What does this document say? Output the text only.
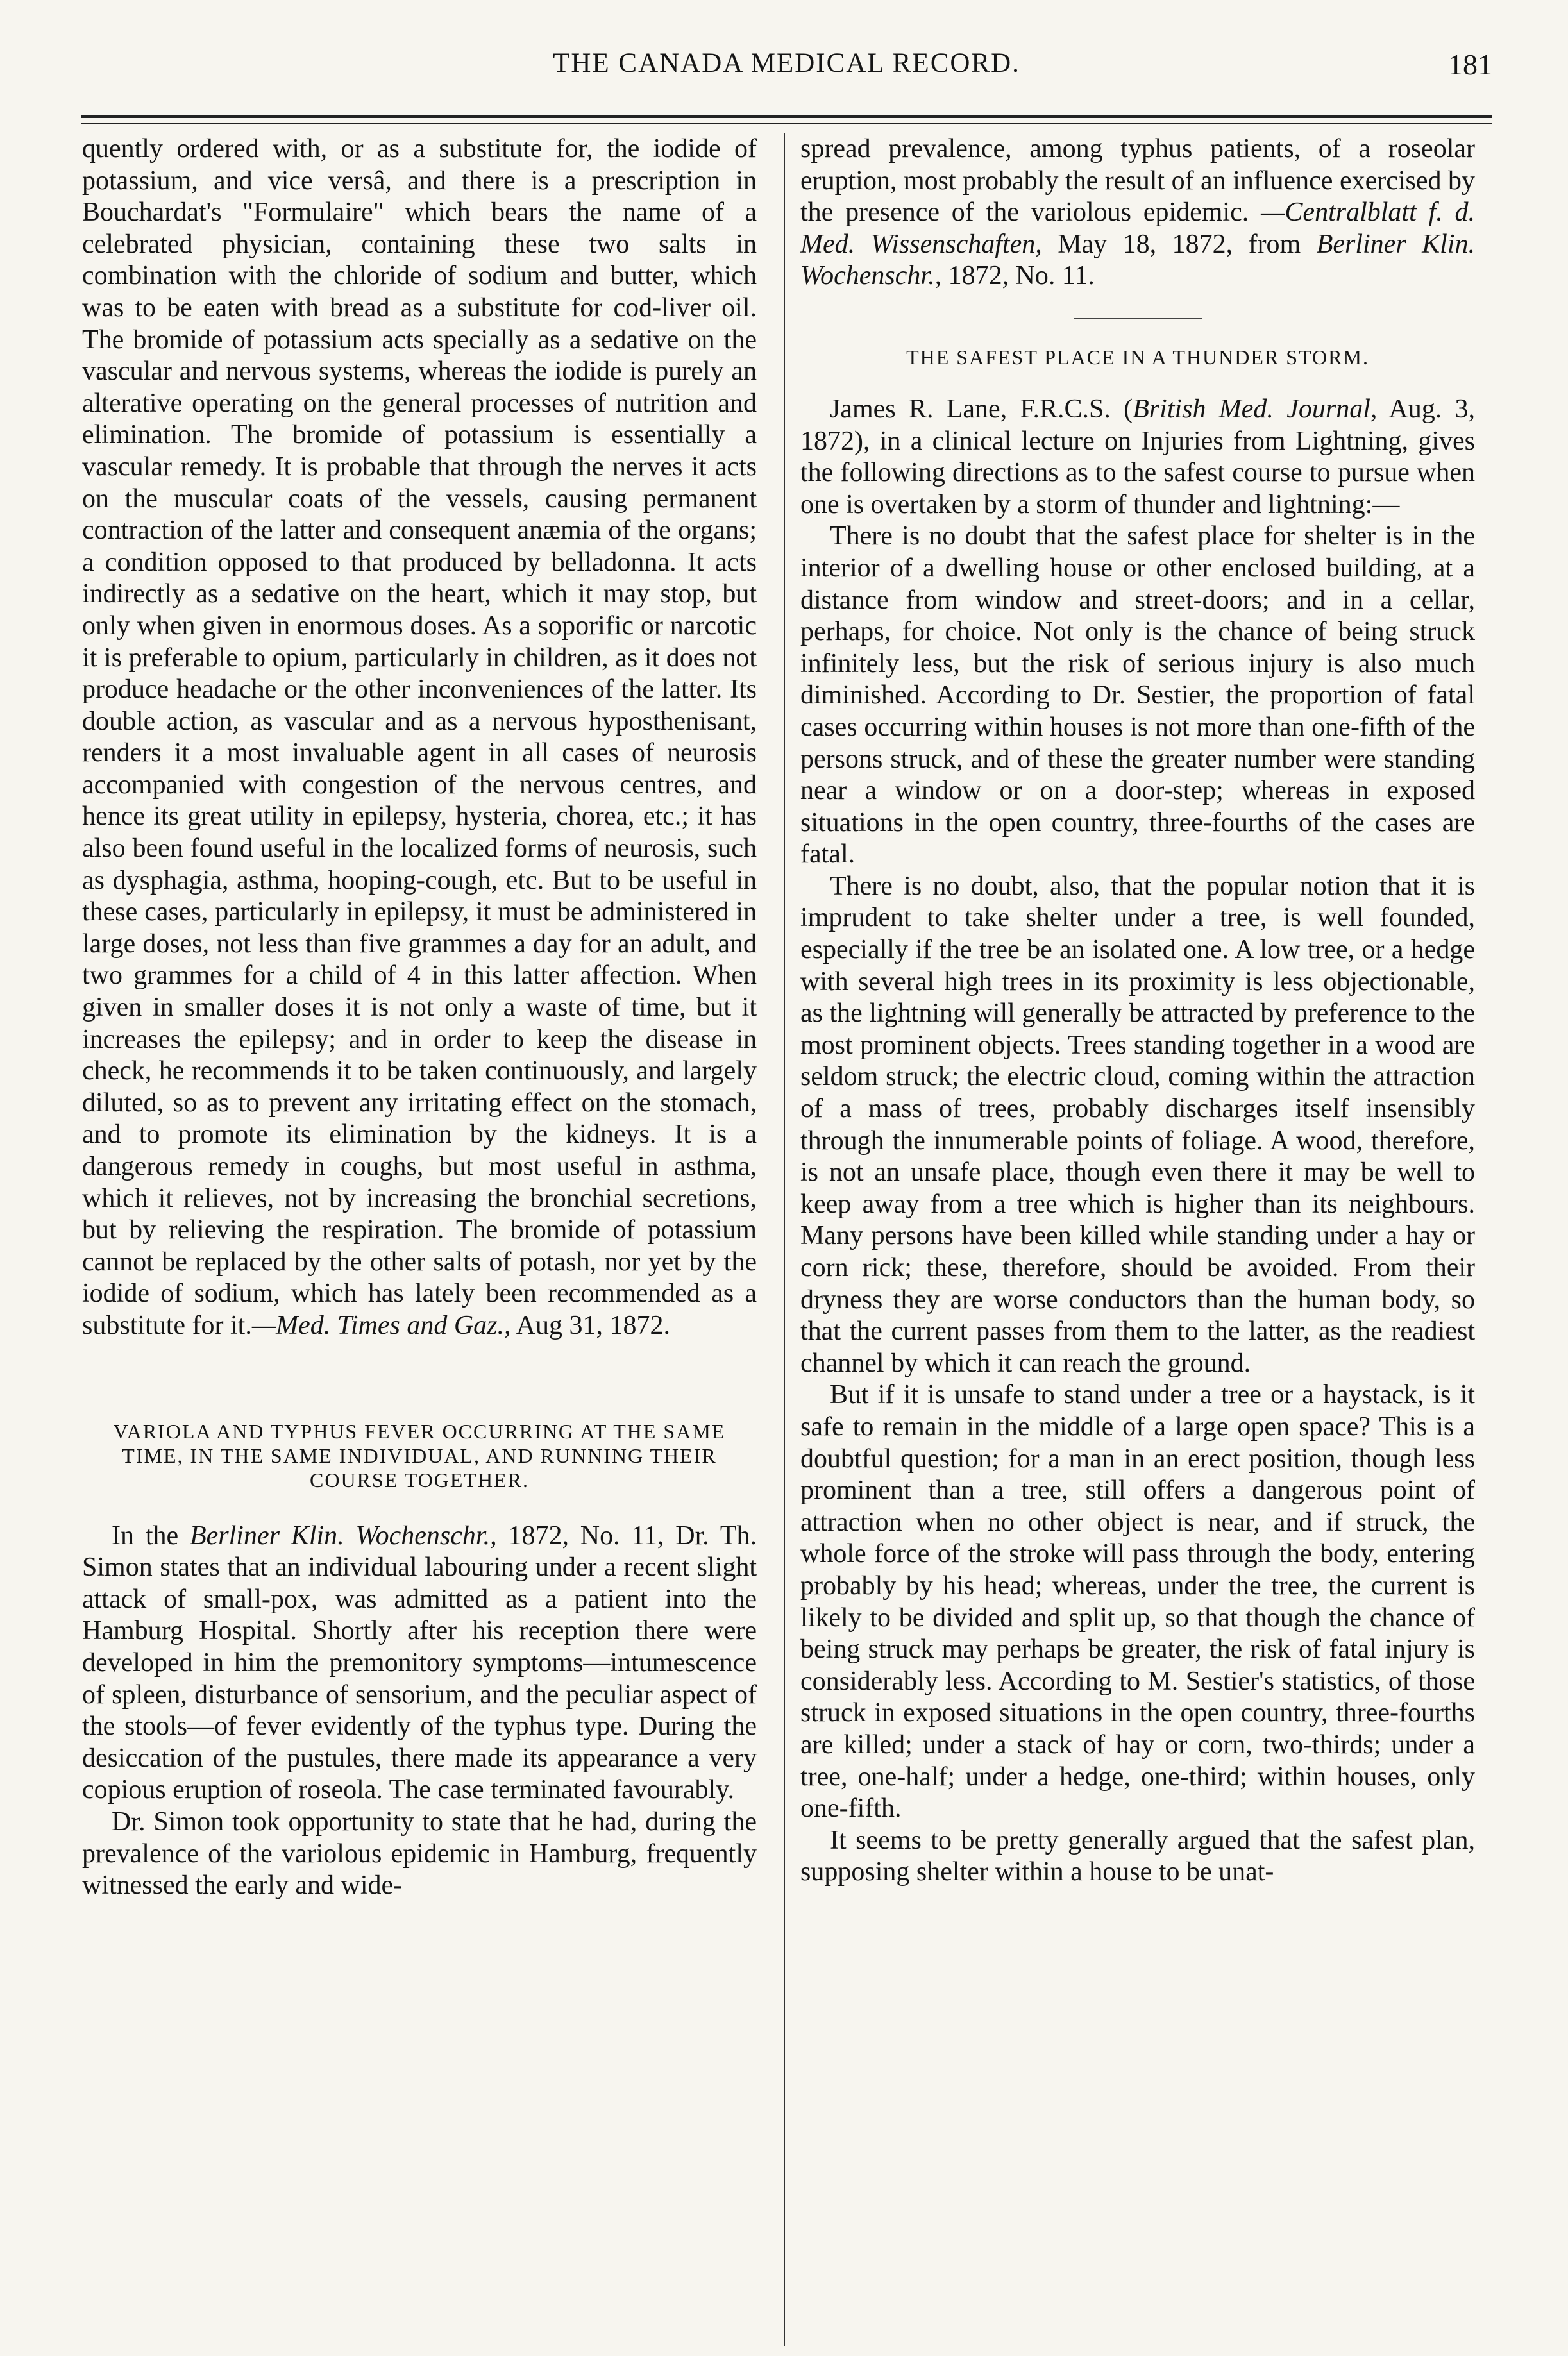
THE CANADA MEDICAL RECORD.	181

quently ordered with, or as a substitute for, the iodide of potassium, and vice versâ, and there is a prescription in Bouchardat's "Formulaire" which bears the name of a celebrated physician, containing these two salts in combination with the chloride of sodium and butter, which was to be eaten with bread as a substitute for cod-liver oil. The bromide of potassium acts specially as a sedative on the vascular and nervous systems, whereas the iodide is purely an alterative operating on the general processes of nutrition and elimination. The bromide of potassium is essentially a vascular remedy. It is probable that through the nerves it acts on the muscular coats of the vessels, causing permanent contraction of the latter and consequent anæmia of the organs; a condition opposed to that produced by belladonna. It acts indirectly as a sedative on the heart, which it may stop, but only when given in enormous doses. As a soporific or narcotic it is preferable to opium, particularly in children, as it does not produce headache or the other inconveniences of the latter. Its double action, as vascular and as a nervous hyposthenisant, renders it a most invaluable agent in all cases of neurosis accompanied with congestion of the nervous centres, and hence its great utility in epilepsy, hysteria, chorea, etc.; it has also been found useful in the localized forms of neurosis, such as dysphagia, asthma, hooping-cough, etc. But to be useful in these cases, particularly in epilepsy, it must be administered in large doses, not less than five grammes a day for an adult, and two grammes for a child of 4 in this latter affection. When given in smaller doses it is not only a waste of time, but it increases the epilepsy; and in order to keep the disease in check, he recommends it to be taken continuously, and largely diluted, so as to prevent any irritating effect on the stomach, and to promote its elimination by the kidneys. It is a dangerous remedy in coughs, but most useful in asthma, which it relieves, not by increasing the bronchial secretions, but by relieving the respiration. The bromide of potassium cannot be replaced by the other salts of potash, nor yet by the iodide of sodium, which has lately been recommended as a substitute for it.—Med. Times and Gaz., Aug 31, 1872.

VARIOLA AND TYPHUS FEVER OCCURRING AT THE SAME TIME, IN THE SAME INDIVIDUAL, AND RUNNING THEIR COURSE TOGETHER.

In the Berliner Klin. Wochenschr., 1872, No. 11, Dr. Th. Simon states that an individual labouring under a recent slight attack of small-pox, was admitted as a patient into the Hamburg Hospital. Shortly after his reception there were developed in him the premonitory symptoms—intumescence of spleen, disturbance of sensorium, and the peculiar aspect of the stools—of fever evidently of the typhus type. During the desiccation of the pustules, there made its appearance a very copious eruption of roseola. The case terminated favourably.

Dr. Simon took opportunity to state that he had, during the prevalence of the variolous epidemic in Hamburg, frequently witnessed the early and wide-

spread prevalence, among typhus patients, of a roseolar eruption, most probably the result of an influence exercised by the presence of the variolous epidemic. —Centralblatt f. d. Med. Wissenschaften, May 18, 1872, from Berliner Klin. Wochenschr., 1872, No. 11.

THE SAFEST PLACE IN A THUNDER STORM.

James R. Lane, F.R.C.S. (British Med. Journal, Aug. 3, 1872), in a clinical lecture on Injuries from Lightning, gives the following directions as to the safest course to pursue when one is overtaken by a storm of thunder and lightning:—

There is no doubt that the safest place for shelter is in the interior of a dwelling house or other enclosed building, at a distance from window and street-doors; and in a cellar, perhaps, for choice. Not only is the chance of being struck infinitely less, but the risk of serious injury is also much diminished. According to Dr. Sestier, the proportion of fatal cases occurring within houses is not more than one-fifth of the persons struck, and of these the greater number were standing near a window or on a door-step; whereas in exposed situations in the open country, three-fourths of the cases are fatal.

There is no doubt, also, that the popular notion that it is imprudent to take shelter under a tree, is well founded, especially if the tree be an isolated one. A low tree, or a hedge with several high trees in its proximity is less objectionable, as the lightning will generally be attracted by preference to the most prominent objects. Trees standing together in a wood are seldom struck; the electric cloud, coming within the attraction of a mass of trees, probably discharges itself insensibly through the innumerable points of foliage. A wood, therefore, is not an unsafe place, though even there it may be well to keep away from a tree which is higher than its neighbours. Many persons have been killed while standing under a hay or corn rick; these, therefore, should be avoided. From their dryness they are worse conductors than the human body, so that the current passes from them to the latter, as the readiest channel by which it can reach the ground.

But if it is unsafe to stand under a tree or a haystack, is it safe to remain in the middle of a large open space? This is a doubtful question; for a man in an erect position, though less prominent than a tree, still offers a dangerous point of attraction when no other object is near, and if struck, the whole force of the stroke will pass through the body, entering probably by his head; whereas, under the tree, the current is likely to be divided and split up, so that though the chance of being struck may perhaps be greater, the risk of fatal injury is considerably less. According to M. Sestier's statistics, of those struck in exposed situations in the open country, three-fourths are killed; under a stack of hay or corn, two-thirds; under a tree, one-half; under a hedge, one-third; within houses, only one-fifth.

It seems to be pretty generally argued that the safest plan, supposing shelter within a house to be unat-
